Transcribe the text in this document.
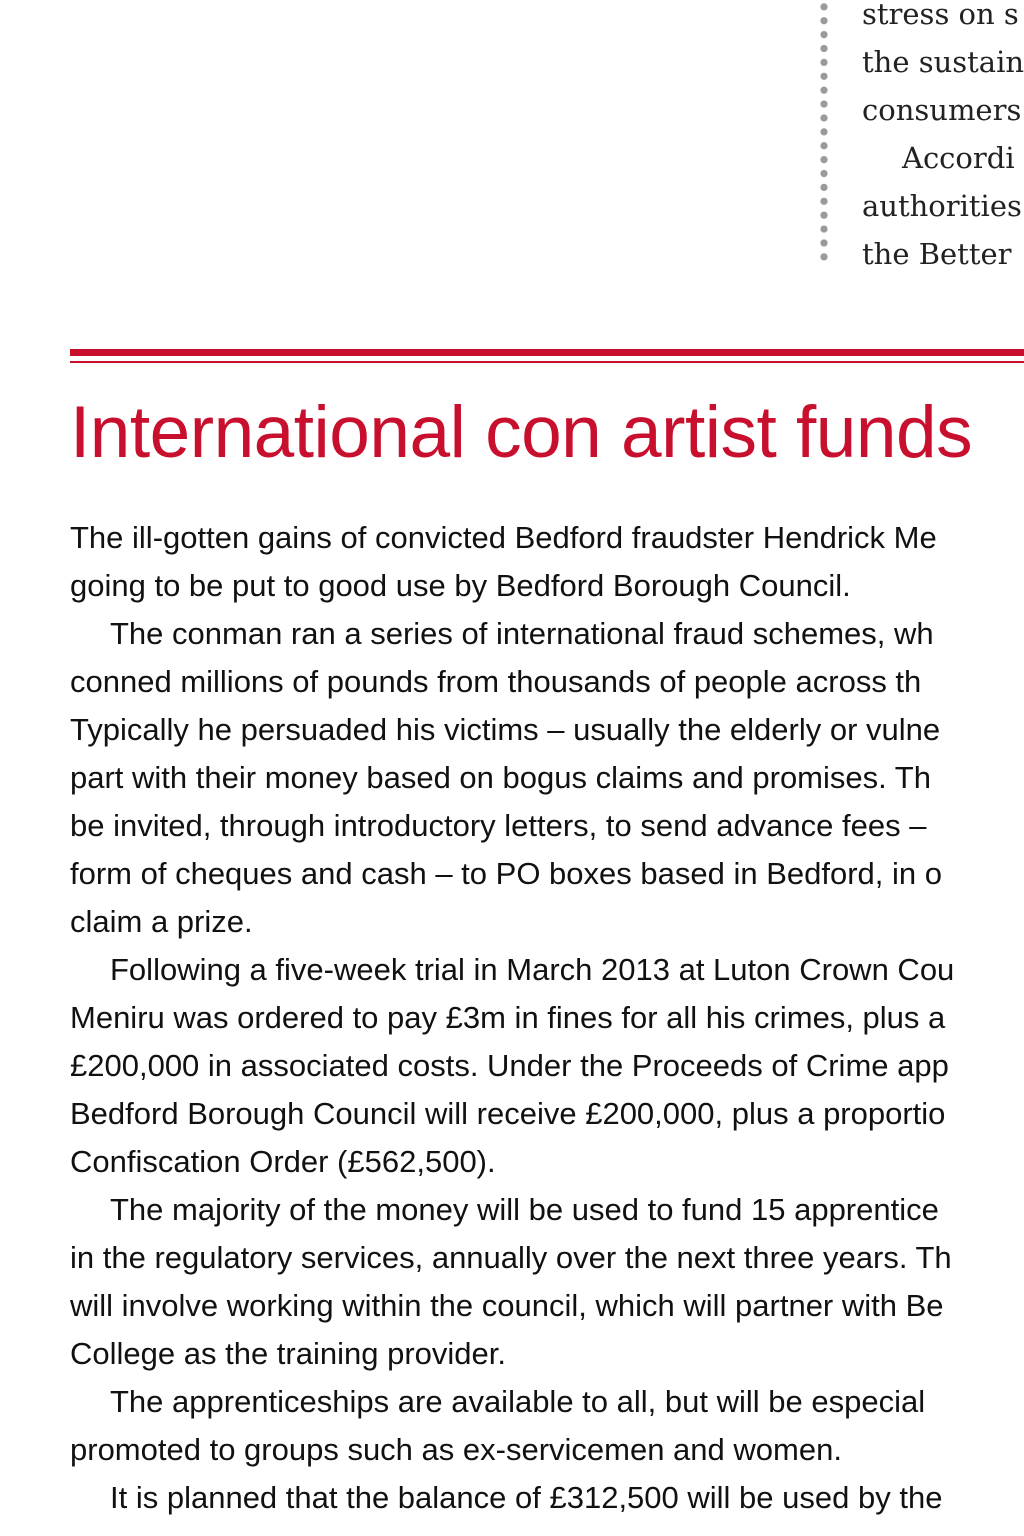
stress on s
the sustain
consumers
Accordi
authorities
the Better
International con artist funds
The ill-gotten gains of convicted Bedford fraudster Hendrick Me
going to be put to good use by Bedford Borough Council.
The conman ran a series of international fraud schemes, wh
conned millions of pounds from thousands of people across th
Typically he persuaded his victims – usually the elderly or vulne
part with their money based on bogus claims and promises. Th
be invited, through introductory letters, to send advance fees –
form of cheques and cash – to PO boxes based in Bedford, in o
claim a prize.
Following a five-week trial in March 2013 at Luton Crown Cou
Meniru was ordered to pay £3m in fines for all his crimes, plus a
£200,000 in associated costs. Under the Proceeds of Crime app
Bedford Borough Council will receive £200,000, plus a proportio
Confiscation Order (£562,500).
The majority of the money will be used to fund 15 apprentice
in the regulatory services, annually over the next three years. Th
will involve working within the council, which will partner with Be
College as the training provider.
The apprenticeships are available to all, but will be especial
promoted to groups such as ex-servicemen and women.
It is planned that the balance of £312,500 will be used by the
